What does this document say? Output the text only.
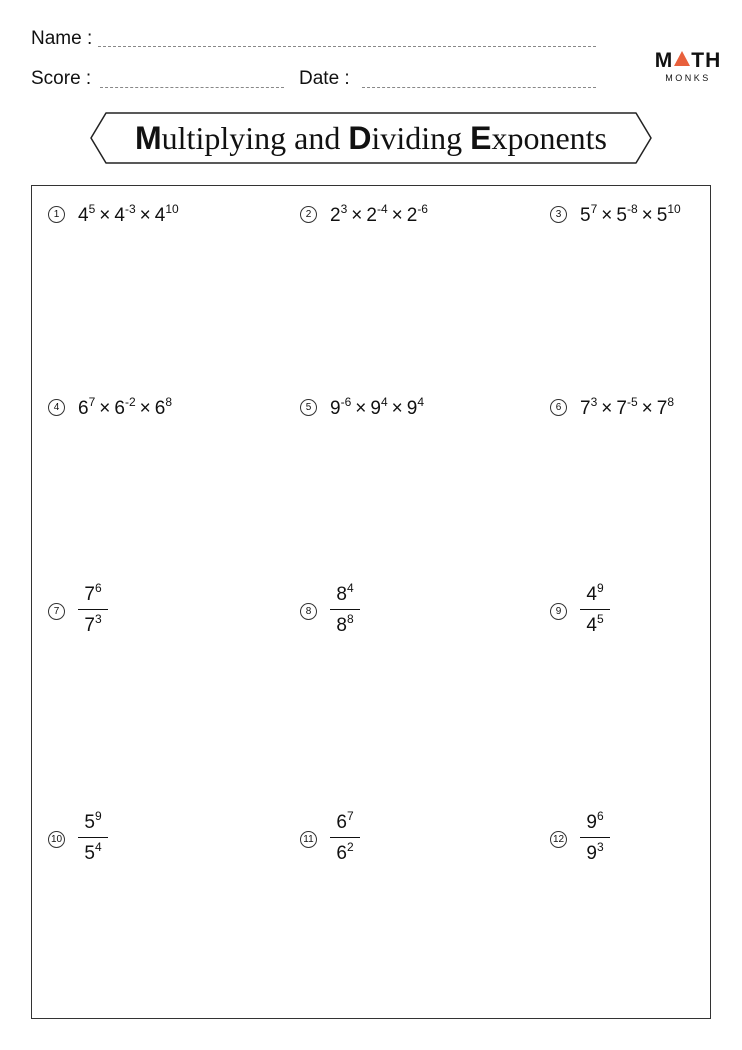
Name :
Score :	Date :
M TH
MONKS
M ultiplying and D ividing
E xponents
1 $4^5 \times 4^{-3} \times 4^{10}$	2 $2^3 \times 2^{-4} \times 2^{-6}$	3 $5^7 \times 5^{-8} \times 5^{10}$
4 $6^7 \times 6^{-2} \times 6^8$	5 $9^{-6} \times 9^4 \times 9^4$	6 $7^3 \times 7^{-5} \times 7^8$
$7 \frac{7^6}{7^3}$	$8 \frac{8^4}{8^8}$	$9 \frac{4^9}{4^5}$
$10 \frac{5^9}{5^4}$	$11 \frac{6^7}{6^2}$	$12 \frac{9^6}{9^3}$
